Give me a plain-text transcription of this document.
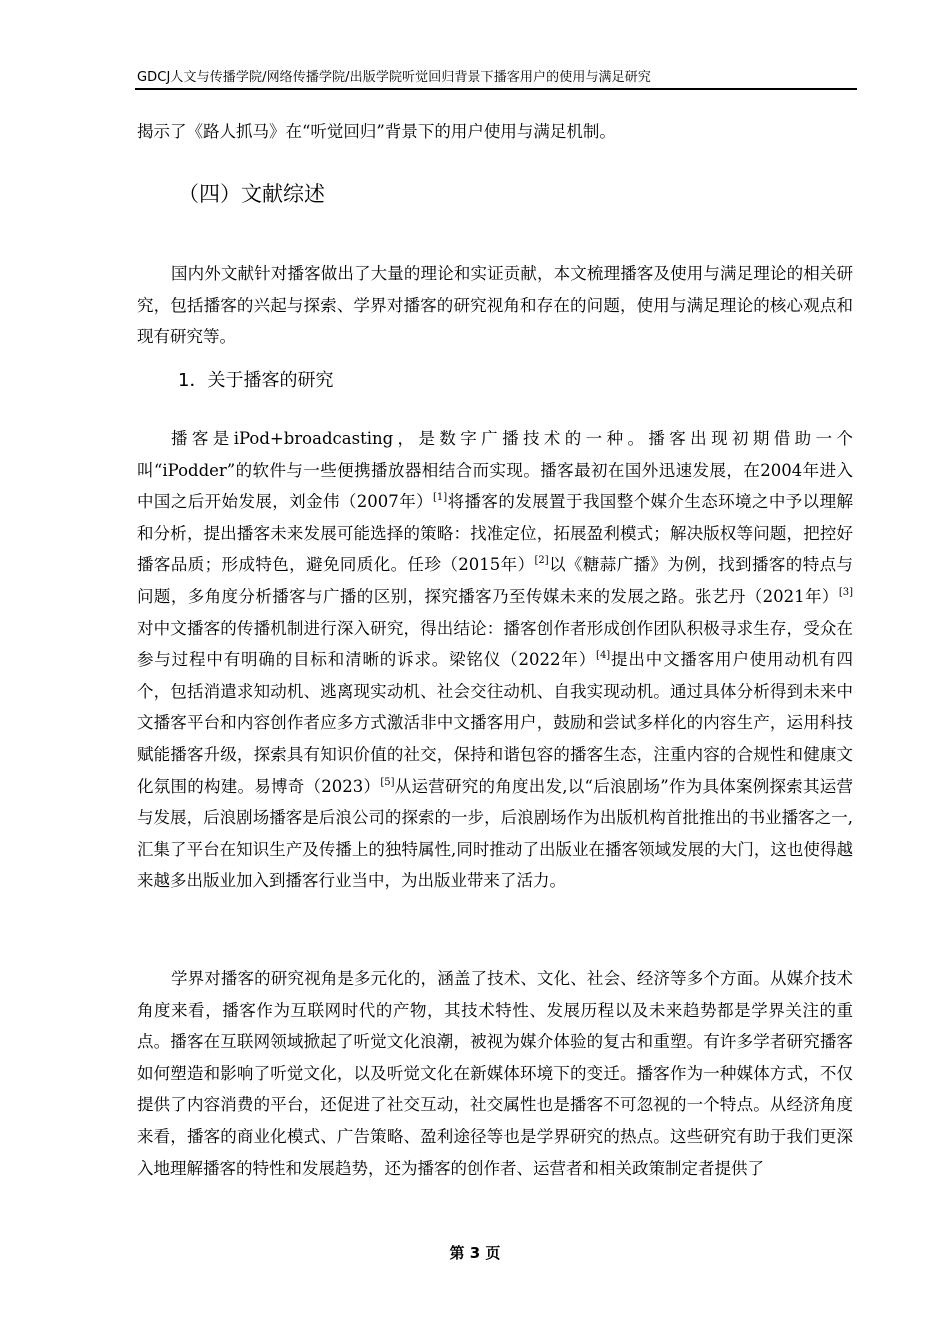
GDCJ人文与传播学院/网络传播学院/出版学院听觉回归背景下播客用户的使用与满足研究

揭示了《路人抓马》在“听觉回归”背景下的用户使用与满足机制。

（四）文献综述

国内外文献针对播客做出了大量的理论和实证贡献，本文梳理播客及使用与满足理论的相关研究，包括播客的兴起与探索、学界对播客的研究视角和存在的问题，使用与满足理论的核心观点和现有研究等。

1．关于播客的研究

播客是iPod+broadcasting，是数字广播技术的一种。播客出现初期借助一个叫“iPodder”的软件与一些便携播放器相结合而实现。播客最初在国外迅速发展，在2004年进入中国之后开始发展，刘金伟（2007年）[1]将播客的发展置于我国整个媒介生态环境之中予以理解和分析，提出播客未来发展可能选择的策略：找准定位，拓展盈利模式；解决版权等问题，把控好播客品质；形成特色，避免同质化。任珍（2015年）[2]以《糖蒜广播》为例，找到播客的特点与问题，多角度分析播客与广播的区别，探究播客乃至传媒未来的发展之路。张艺丹（2021年）[3]对中文播客的传播机制进行深入研究，得出结论：播客创作者形成创作团队积极寻求生存，受众在参与过程中有明确的目标和清晰的诉求。梁铭仪（2022年）[4]提出中文播客用户使用动机有四个，包括消遣求知动机、逃离现实动机、社会交往动机、自我实现动机。通过具体分析得到未来中文播客平台和内容创作者应多方式激活非中文播客用户，鼓励和尝试多样化的内容生产，运用科技赋能播客升级，探索具有知识价值的社交，保持和谐包容的播客生态，注重内容的合规性和健康文化氛围的构建。易博奇（2023）[5]从运营研究的角度出发,以“后浪剧场”作为具体案例探索其运营与发展，后浪剧场播客是后浪公司的探索的一步，后浪剧场作为出版机构首批推出的书业播客之一,汇集了平台在知识生产及传播上的独特属性,同时推动了出版业在播客领域发展的大门，这也使得越来越多出版业加入到播客行业当中，为出版业带来了活力。

学界对播客的研究视角是多元化的，涵盖了技术、文化、社会、经济等多个方面。从媒介技术角度来看，播客作为互联网时代的产物，其技术特性、发展历程以及未来趋势都是学界关注的重点。播客在互联网领域掀起了听觉文化浪潮，被视为媒介体验的复古和重塑。有许多学者研究播客如何塑造和影响了听觉文化，以及听觉文化在新媒体环境下的变迁。播客作为一种媒体方式，不仅提供了内容消费的平台，还促进了社交互动，社交属性也是播客不可忽视的一个特点。从经济角度来看，播客的商业化模式、广告策略、盈利途径等也是学界研究的热点。这些研究有助于我们更深入地理解播客的特性和发展趋势，还为播客的创作者、运营者和相关政策制定者提供了

第 3 页
